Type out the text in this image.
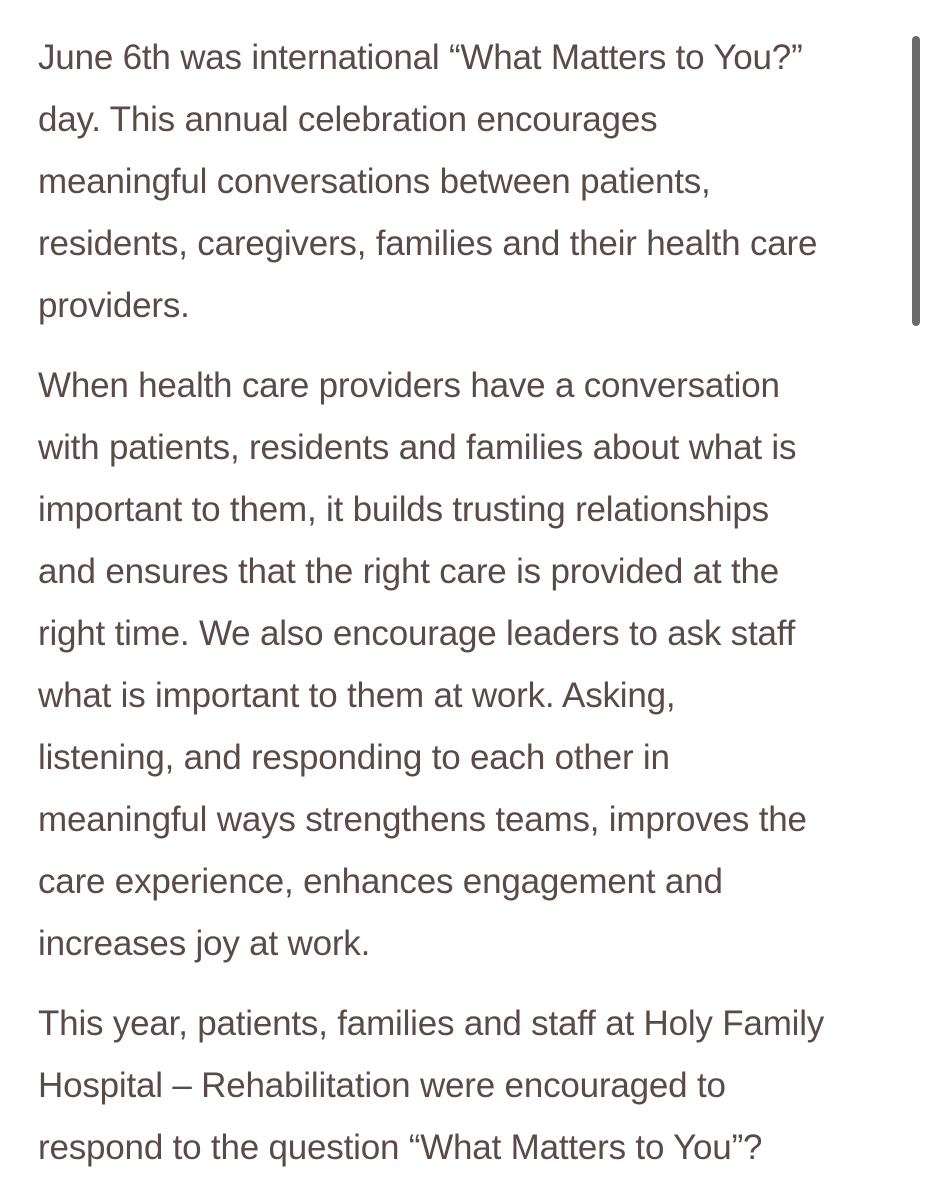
June 6th was international “What Matters to You?”
day. This annual celebration encourages
meaningful conversations between patients,
residents, caregivers, families and their health care
providers.

When health care providers have a conversation
with patients, residents and families about what is
important to them, it builds trusting relationships
and ensures that the right care is provided at the
right time. We also encourage leaders to ask staff
what is important to them at work. Asking,
listening, and responding to each other in
meaningful ways strengthens teams, improves the
care experience, enhances engagement and
increases joy at work.

This year, patients, families and staff at Holy Family
Hospital – Rehabilitation were encouraged to
respond to the question “What Matters to You”?
